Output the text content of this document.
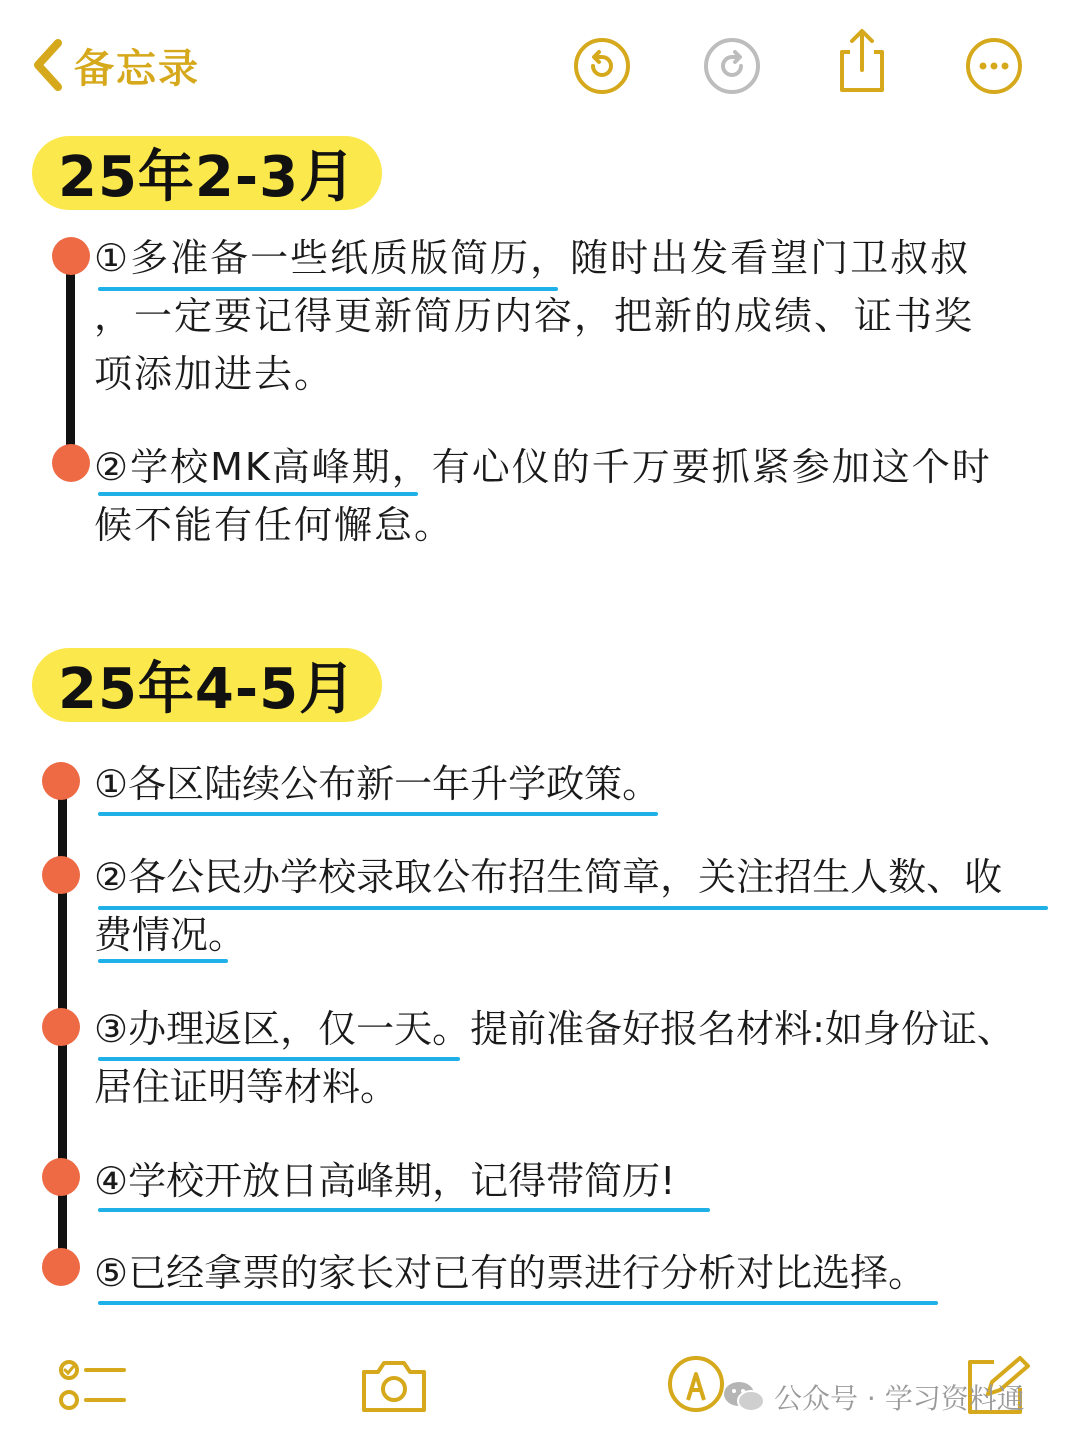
备忘录
25年2-3月
①多准备一些纸质版简历，随时出发看望门卫叔叔
，一定要记得更新简历内容，把新的成绩、证书奖
项添加进去。
②学校MK高峰期，有心仪的千万要抓紧参加这个时
候不能有任何懈怠。
25年4-5月
①各区陆续公布新一年升学政策。
②各公民办学校录取公布招生简章，关注招生人数、收
费情况。
③办理返区，仅一天。提前准备好报名材料:如身份证、
居住证明等材料。
④学校开放日高峰期，记得带简历!
⑤已经拿票的家长对已有的票进行分析对比选择。
公众号 · 学习资料通
